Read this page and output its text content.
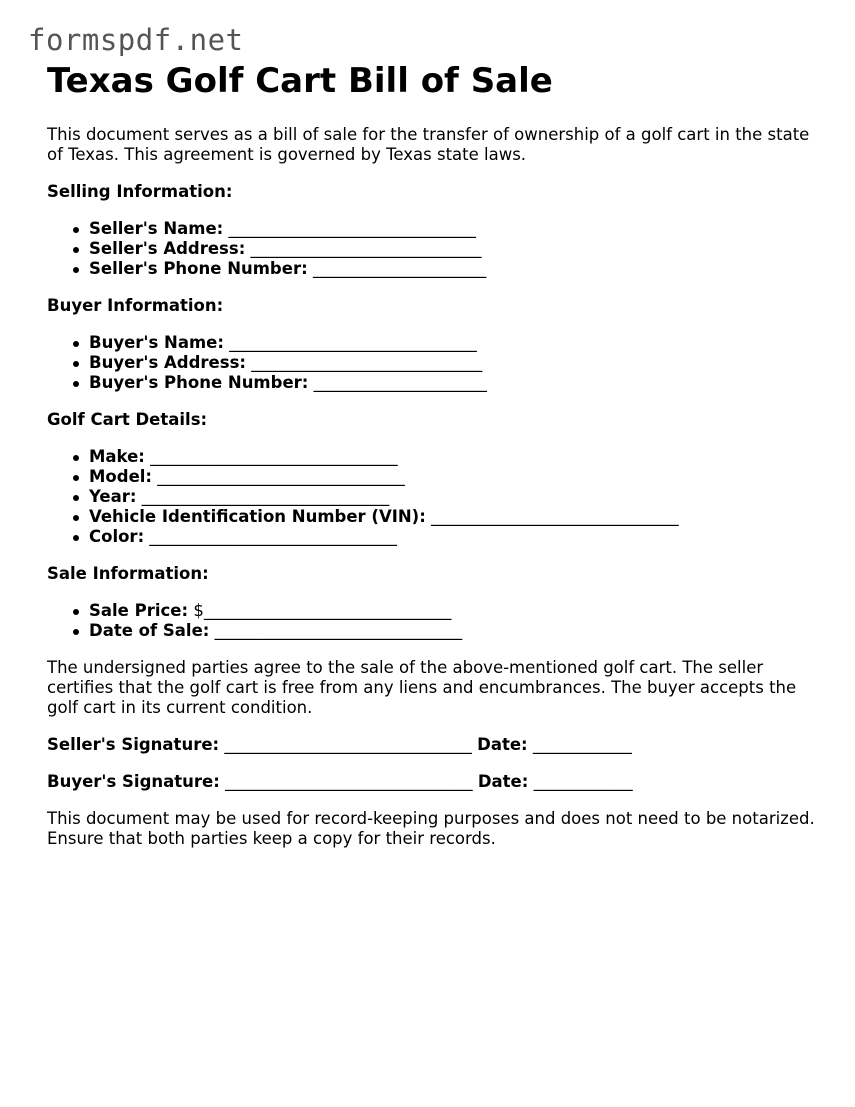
formspdf.net
Texas Golf Cart Bill of Sale

This document serves as a bill of sale for the transfer of ownership of a golf cart in the state of Texas. This agreement is governed by Texas state laws.

Selling Information:
Seller's Name: ______________________________
Seller's Address: ____________________________
Seller's Phone Number: _____________________
Buyer Information:
Buyer's Name: ______________________________
Buyer's Address: ____________________________
Buyer's Phone Number: _____________________
Golf Cart Details:
Make: ______________________________
Model: ______________________________
Year: ______________________________
Vehicle Identification Number (VIN): ______________________________
Color: ______________________________
Sale Information:
Sale Price: $______________________________
Date of Sale: ______________________________

The undersigned parties agree to the sale of the above-mentioned golf cart. The seller certifies that the golf cart is free from any liens and encumbrances. The buyer accepts the golf cart in its current condition.

Seller's Signature: ______________________________ Date: ____________
Buyer's Signature: ______________________________ Date: ____________

This document may be used for record-keeping purposes and does not need to be notarized. Ensure that both parties keep a copy for their records.
